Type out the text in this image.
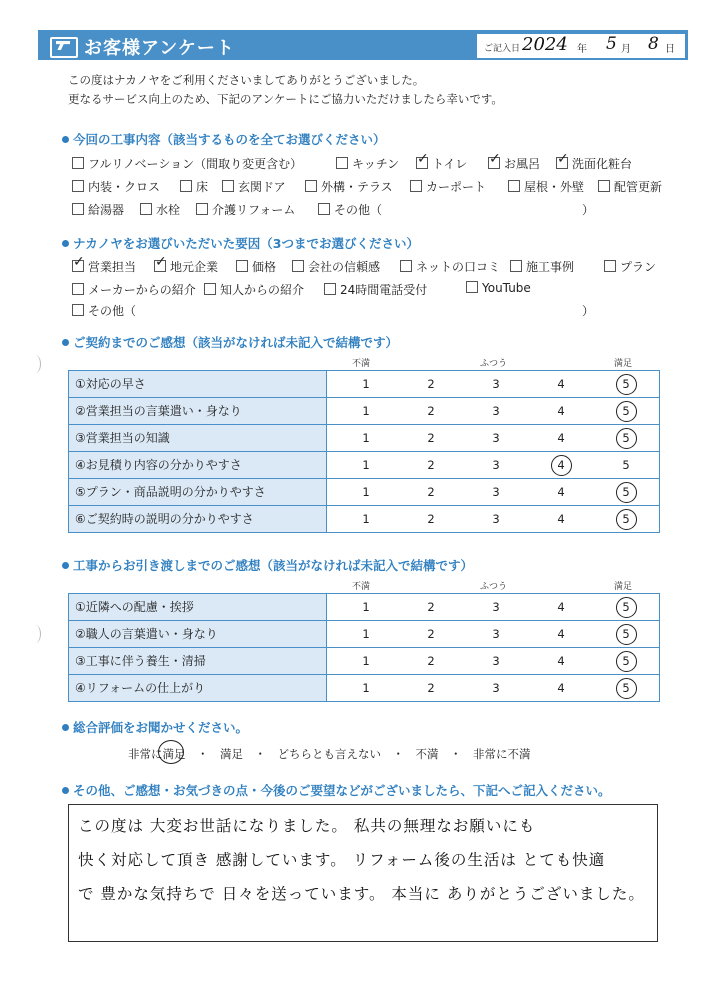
お客様アンケート	ご記入日 2024 年 5 月 8 日
この度はナカノヤをご利用くださいましてありがとうございました。
更なるサービス向上のため、下記のアンケートにご協力いただけましたら幸いです。
今回の工事内容（該当するものを全てお選びください）
フルリノベーション（間取り変更含む）	キッチン ✓ トイレ ✓ お風呂 ✓ 洗面化粧台
内装・クロス	床	玄関ドア	外構・テラス	カーポート	屋根・外壁	配管更新
給湯器	水栓	介護リフォーム	その他（
ナカノヤをお選びいただいた要因（3つまでお選びください）
✓ 営業担当 ✓ 地元企業	価格	会社の信頼感	ネットの口コミ	施工事例	プラン
メーカーからの紹介	知人からの紹介	24時間電話受付	YouTube
その他（
ご契約までのご感想（該当がなければ未記入で結構です）
不満	ふつう	満足
①対応の早さ	1	2	3	4	5
②営業担当の言葉遣い・身なり	1	2	3	4	5
③営業担当の知識	1	2	3	4	5
④お見積り内容の分かりやすさ	1	2	3	4	5
⑤プラン・商品説明の分かりやすさ	1	2	3	4	5
⑥ご契約時の説明の分かりやすさ	1	2	3	4	5
工事からお引き渡しまでのご感想（該当がなければ未記入で結構です）
不満	ふつう	満足
①近隣への配慮・挨拶	1	2	3	4	5
②職人の言葉遣い・身なり	1	2	3	4	5
③工事に伴う養生・清掃	1	2	3	4	5
④リフォームの仕上がり	1	2	3	4	5
総合評価をお聞かせください。
非常に満足　・　満足　・　どちらとも言えない　・　不満　・　非常に不満
その他、ご感想・お気づきの点・今後のご要望などがございましたら、下記へご記入ください。
この度は 大変お世話になりました。 私共の無理なお願いにも
快く対応して頂き 感謝しています。 リフォーム後の生活は とても快適
で 豊かな気持ちで 日々を送っています。 本当に ありがとうございました。
）
）
